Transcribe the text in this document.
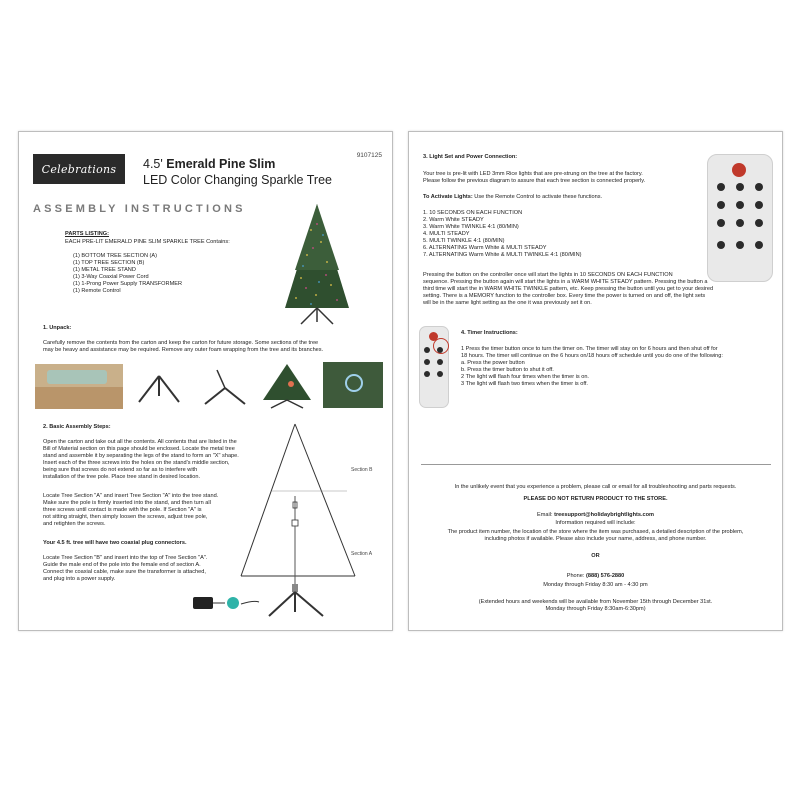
Celebrations
9107125
4.5' Emerald Pine Slim
LED Color Changing Sparkle Tree
ASSEMBLY INSTRUCTIONS
PARTS LISTING:
EACH PRE-LIT EMERALD PINE SLIM SPARKLE TREE Contains:
(1) BOTTOM TREE SECTION (A)
(1) TOP TREE SECTION (B)
(1) METAL TREE STAND
(1) 3-Way Coaxial Power Cord
(1) 1-Prong Power Supply TRANSFORMER
(1) Remote Control
1. Unpack:
Carefully remove the contents from the carton and keep the carton for future storage. Some sections of the tree
may be heavy and assistance may be required. Remove any outer foam wrapping from the tree and its branches.
2. Basic Assembly Steps:
Open the carton and take out all the contents. All contents that are listed in the
Bill of Material section on this page should be enclosed. Locate the metal tree
stand and assemble it by separating the legs of the stand to form an "X" shape.
Insert each of the three screws into the holes on the stand's middle section,
being sure that screws do not extend so far as to interfere with
installation of the tree pole. Place tree stand in desired location.
Locate Tree Section "A" and insert Tree Section "A" into the tree stand.
Make sure the pole is firmly inserted into the stand, and then turn all
three screws until contact is made with the pole. If Section "A" is
not sitting straight, then simply loosen the screws, adjust tree pole,
and retighten the screws.
Your 4.5 ft. tree will have two coaxial plug connectors.
Locate Tree Section "B" and insert into the top of Tree Section "A".
Guide the male end of the pole into the female end of section A.
Connect the coaxial cable, make sure the transformer is attached,
and plug into a power supply.
Section B
Section A
3. Light Set and Power Connection:
Your tree is pre-lit with LED 3mm Rice lights that are pre-strung on the tree at the factory.
Please follow the previous diagram to assure that each tree section is connected properly.
To Activate Lights: Use the Remote Control to activate these functions.
1. 10 SECONDS ON EACH FUNCTION
2. Warm White STEADY
3. Warm White TWINKLE 4:1 (80/MIN)
4. MULTI STEADY
5. MULTI TWINKLE 4:1 (80/MIN)
6. ALTERNATING Warm White & MULTI STEADY
7. ALTERNATING Warm White & MULTI TWINKLE 4:1 (80/MIN)
Pressing the button on the controller once will start the lights in 10 SECONDS ON EACH FUNCTION
sequence. Pressing the button again will start the lights in a WARM WHITE STEADY pattern. Pressing the button a
third time will start the in WARM WHITE TWINKLE pattern, etc. Keep pressing the button until you get to your desired
setting. There is a MEMORY function to the controller box. Every time the power is turned on and off, the light sets
will be in the same light setting as the one it was previously set it on.
4. Timer Instructions:
1 Press the timer button once to turn the timer on. The timer will stay on for 6 hours and then shut off for
18 hours. The timer will continue on the 6 hours on/18 hours off schedule until you do one of the following:
a. Press the power button
b. Press the timer button to shut it off.
2 The light will flash four times when the timer is on.
3 The light will flash two times when the timer is off.
In the unlikely event that you experience a problem, please call or email for all troubleshooting and parts requests.
PLEASE DO NOT RETURN PRODUCT TO THE STORE.
Email: treesupport@holidaybrightlights.com
Information required will include:
The product item number, the location of the store where the item was purchased, a detailed description of the problem,
including photos if available. Please also include your name, address, and phone number.
OR
Phone: (888) 576-2880
Monday through Friday 8:30 am - 4:30 pm
(Extended hours and weekends will be available from November 15th through December 31st.
Monday through Friday 8:30am-6:30pm)
